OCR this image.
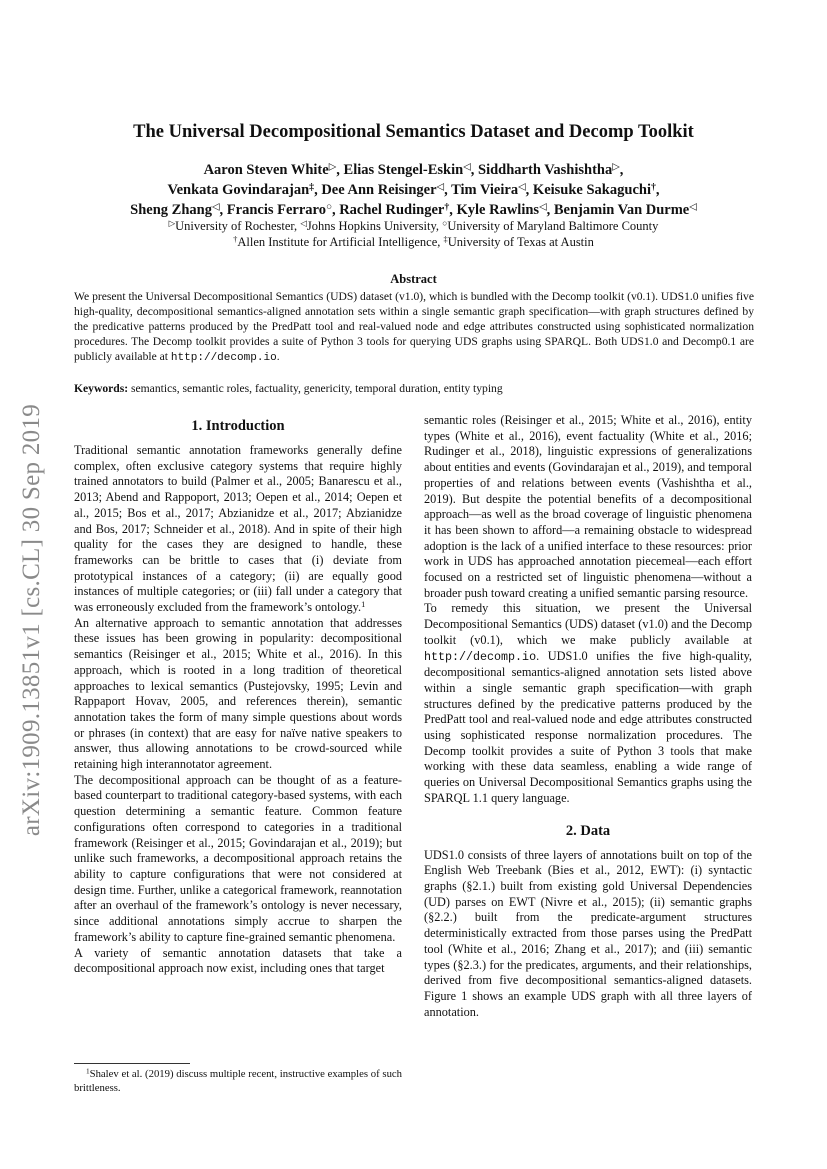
arXiv:1909.13851v1 [cs.CL] 30 Sep 2019
The Universal Decompositional Semantics Dataset and Decomp Toolkit
Aaron Steven White▷, Elias Stengel-Eskin◁, Siddharth Vashishtha▷,
Venkata Govindarajan‡, Dee Ann Reisinger◁, Tim Vieira◁, Keisuke Sakaguchi†,
Sheng Zhang◁, Francis Ferraro○, Rachel Rudinger†, Kyle Rawlins◁, Benjamin Van Durme◁
▷University of Rochester, ◁Johns Hopkins University, ○University of Maryland Baltimore County
†Allen Institute for Artificial Intelligence, ‡University of Texas at Austin
Abstract
We present the Universal Decompositional Semantics (UDS) dataset (v1.0), which is bundled with the Decomp toolkit (v0.1). UDS1.0 unifies five high-quality, decompositional semantics-aligned annotation sets within a single semantic graph specification—with graph structures defined by the predicative patterns produced by the PredPatt tool and real-valued node and edge attributes constructed using sophisticated normalization procedures. The Decomp toolkit provides a suite of Python 3 tools for querying UDS graphs using SPARQL. Both UDS1.0 and Decomp0.1 are publicly available at http://decomp.io.
Keywords: semantics, semantic roles, factuality, genericity, temporal duration, entity typing
1. Introduction

Traditional semantic annotation frameworks generally define complex, often exclusive category systems that require highly trained annotators to build (Palmer et al., 2005; Banarescu et al., 2013; Abend and Rappoport, 2013; Oepen et al., 2014; Oepen et al., 2015; Bos et al., 2017; Abzianidze et al., 2017; Abzianidze and Bos, 2017; Schneider et al., 2018). And in spite of their high quality for the cases they are designed to handle, these frameworks can be brittle to cases that (i) deviate from prototypical instances of a category; (ii) are equally good instances of multiple categories; or (iii) fall under a category that was erroneously excluded from the framework’s ontology.$^1$

An alternative approach to semantic annotation that addresses these issues has been growing in popularity: decompositional semantics (Reisinger et al., 2015; White et al., 2016). In this approach, which is rooted in a long tradition of theoretical approaches to lexical semantics (Pustejovsky, 1995; Levin and Rappaport Hovav, 2005, and references therein), semantic annotation takes the form of many simple questions about words or phrases (in context) that are easy for naïve native speakers to answer, thus allowing annotations to be crowd-sourced while retaining high interannotator agreement.

The decompositional approach can be thought of as a feature-based counterpart to traditional category-based systems, with each question determining a semantic feature. Common feature configurations often correspond to categories in a traditional framework (Reisinger et al., 2015; Govindarajan et al., 2019); but unlike such frameworks, a decompositional approach retains the ability to capture configurations that were not considered at design time. Further, unlike a categorical framework, reannotation after an overhaul of the framework’s ontology is never necessary, since additional annotations simply accrue to sharpen the framework’s ability to capture fine-grained semantic phenomena.

A variety of semantic annotation datasets that take a decompositional approach now exist, including ones that target

$^1$Shalev et al. (2019) discuss multiple recent, instructive examples of such brittleness.

semantic roles (Reisinger et al., 2015; White et al., 2016), entity types (White et al., 2016), event factuality (White et al., 2016; Rudinger et al., 2018), linguistic expressions of generalizations about entities and events (Govindarajan et al., 2019), and temporal properties of and relations between events (Vashishtha et al., 2019). But despite the potential benefits of a decompositional approach—as well as the broad coverage of linguistic phenomena it has been shown to afford—a remaining obstacle to widespread adoption is the lack of a unified interface to these resources: prior work in UDS has approached annotation piecemeal—each effort focused on a restricted set of linguistic phenomena—without a broader push toward creating a unified semantic parsing resource.

To remedy this situation, we present the Universal Decompositional Semantics (UDS) dataset (v1.0) and the Decomp toolkit (v0.1), which we make publicly available at http://decomp.io. UDS1.0 unifies the five high-quality, decompositional semantics-aligned annotation sets listed above within a single semantic graph specification—with graph structures defined by the predicative patterns produced by the PredPatt tool and real-valued node and edge attributes constructed using sophisticated response normalization procedures. The Decomp toolkit provides a suite of Python 3 tools that make working with these data seamless, enabling a wide range of queries on Universal Decompositional Semantics graphs using the SPARQL 1.1 query language.

2. Data

UDS1.0 consists of three layers of annotations built on top of the English Web Treebank (Bies et al., 2012, EWT): (i) syntactic graphs (§2.1.) built from existing gold Universal Dependencies (UD) parses on EWT (Nivre et al., 2015); (ii) semantic graphs (§2.2.) built from the predicate-argument structures deterministically extracted from those parses using the PredPatt tool (White et al., 2016; Zhang et al., 2017); and (iii) semantic types (§2.3.) for the predicates, arguments, and their relationships, derived from five decompositional semantics-aligned datasets. Figure 1 shows an example UDS graph with all three layers of annotation.
